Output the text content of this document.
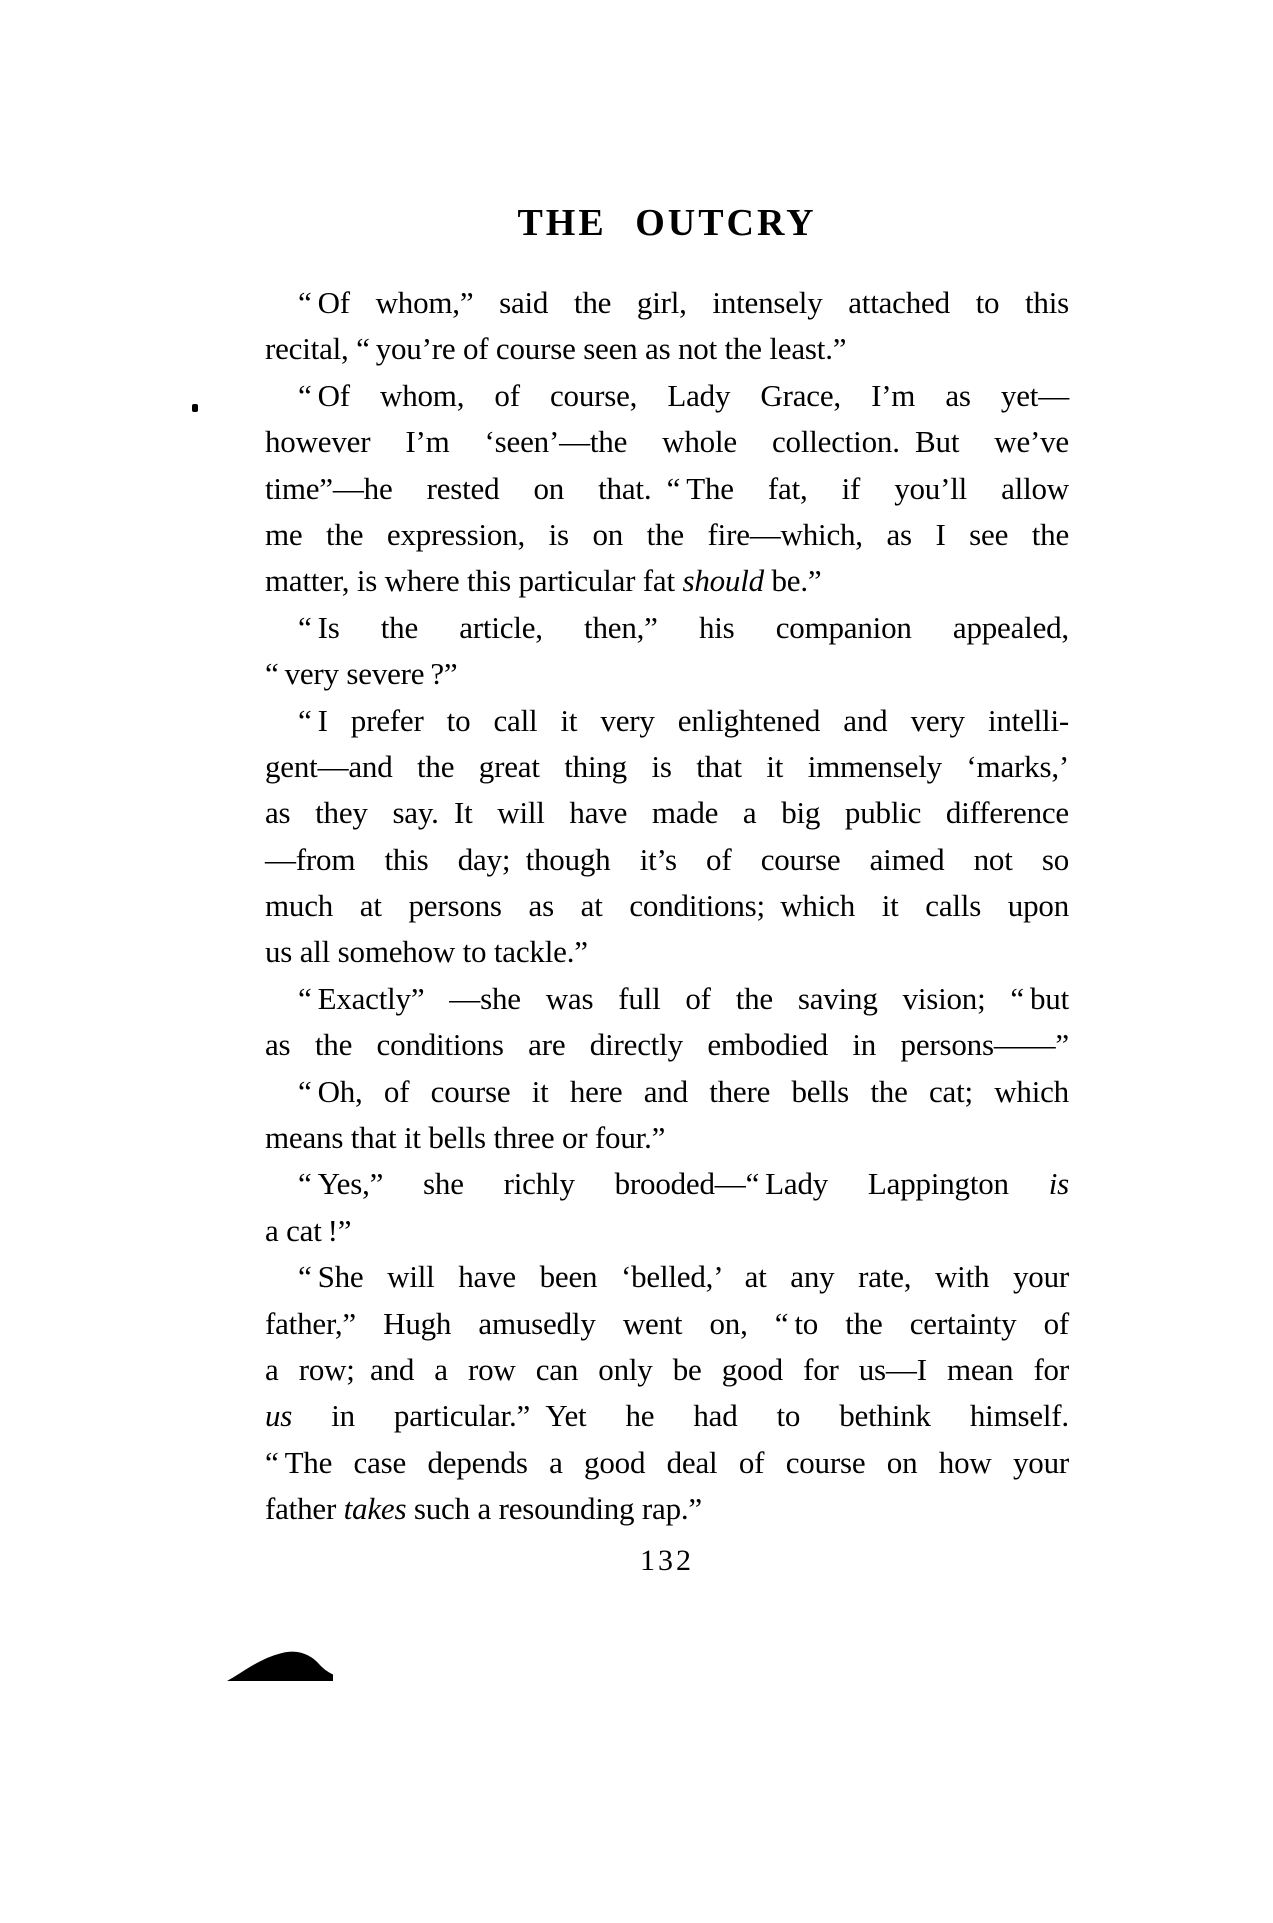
THE OUTCRY
“ Of whom,” said the girl, intensely attached to this
recital, “ you’re of course seen as not the least.”
“ Of whom, of course, Lady Grace, I’m as yet—
however I’m ‘seen’—the whole collection. But we’ve
time”—he rested on that. “ The fat, if you’ll allow
me the expression, is on the fire—which, as I see the
matter, is where this particular fat should be.”
“ Is the article, then,” his companion appealed,
“ very severe ?”
“ I prefer to call it very enlightened and very intelli-
gent—and the great thing is that it immensely ‘marks,’
as they say. It will have made a big public difference
—from this day; though it’s of course aimed not so
much at persons as at conditions; which it calls upon
us all somehow to tackle.”
“ Exactly” —she was full of the saving vision; “ but
as the conditions are directly embodied in persons——”
“ Oh, of course it here and there bells the cat; which
means that it bells three or four.”
“ Yes,” she richly brooded—“ Lady Lappington is
a cat !”
“ She will have been ‘belled,’ at any rate, with your
father,” Hugh amusedly went on, “ to the certainty of
a row; and a row can only be good for us—I mean for
us in particular.” Yet he had to bethink himself.
“ The case depends a good deal of course on how your
father takes such a resounding rap.”
132
